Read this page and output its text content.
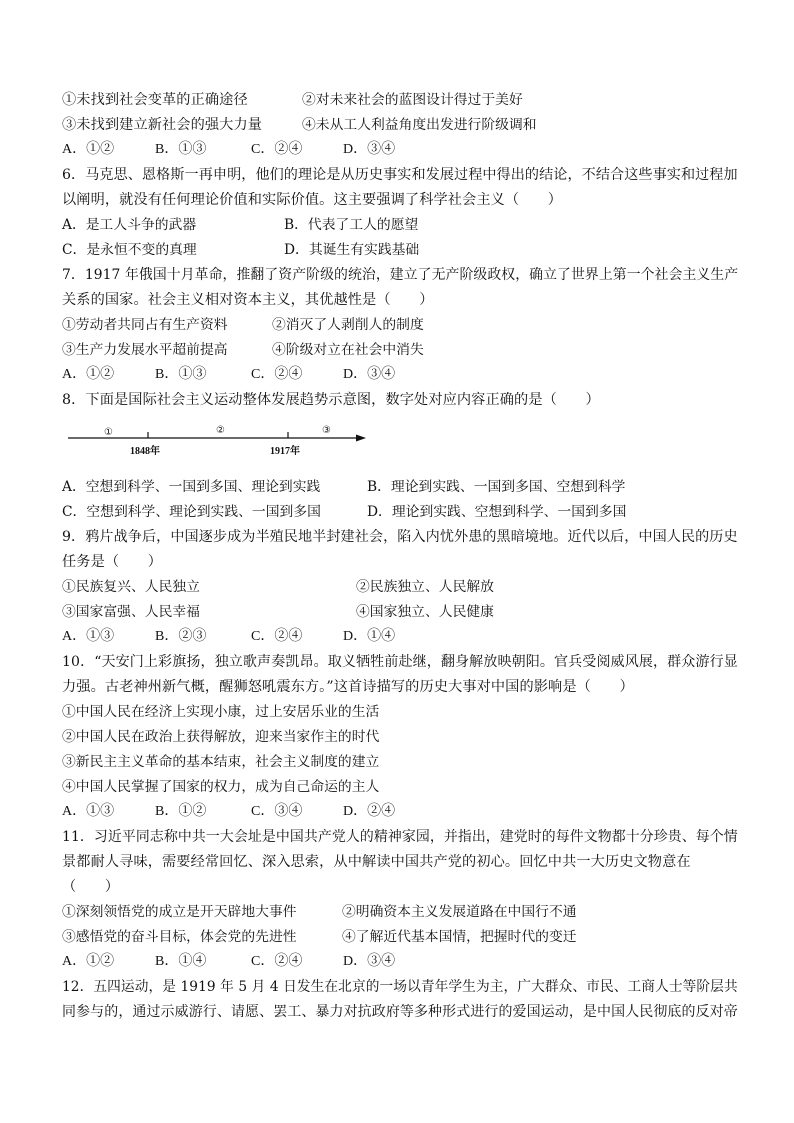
①未找到社会变革的正确途径	②对未来社会的蓝图设计得过于美好
③未找到建立新社会的强大力量	④未从工人利益角度出发进行阶级调和
A．①②	B．①③	C．②④	D．③④
6．马克思、恩格斯一再申明，他们的理论是从历史事实和发展过程中得出的结论，不结合这些事实和过程加
以阐明，就没有任何理论价值和实际价值。这主要强调了科学社会主义（　　）
A．是工人斗争的武器	B．代表了工人的愿望
C．是永恒不变的真理	D．其诞生有实践基础
7．1917 年俄国十月革命，推翻了资产阶级的统治，建立了无产阶级政权，确立了世界上第一个社会主义生产
关系的国家。社会主义相对资本主义，其优越性是（　　）
①劳动者共同占有生产资料	②消灭了人剥削人的制度
③生产力发展水平超前提高	④阶级对立在社会中消失
A．①②	B．①③	C．②④	D．③④
8．下面是国际社会主义运动整体发展趋势示意图，数字处对应内容正确的是（　　）
①	②	③
1848年	1917年
A．空想到科学、一国到多国、理论到实践	B．理论到实践、一国到多国、空想到科学
C．空想到科学、理论到实践、一国到多国	D．理论到实践、空想到科学、一国到多国
9．鸦片战争后，中国逐步成为半殖民地半封建社会，陷入内忧外患的黑暗境地。近代以后，中国人民的历史
任务是（　　）
①民族复兴、人民独立	②民族独立、人民解放
③国家富强、人民幸福	④国家独立、人民健康
A．①③	B．②③	C．②④	D．①④
10．“天安门上彩旗扬，独立歌声奏凯昂。取义牺牲前赴继，翻身解放映朝阳。官兵受阅威风展，群众游行显
力强。古老神州新气概，醒狮怒吼震东方。”这首诗描写的历史大事对中国的影响是（　　）
①中国人民在经济上实现小康，过上安居乐业的生活
②中国人民在政治上获得解放，迎来当家作主的时代
③新民主主义革命的基本结束，社会主义制度的建立
④中国人民掌握了国家的权力，成为自己命运的主人
A．①③	B．①②	C．③④	D．②④
11．习近平同志称中共一大会址是中国共产党人的精神家园，并指出，建党时的每件文物都十分珍贵、每个情
景都耐人寻味，需要经常回忆、深入思索，从中解读中国共产党的初心。回忆中共一大历史文物意在
（　　）
①深刻领悟党的成立是开天辟地大事件	②明确资本主义发展道路在中国行不通
③感悟党的奋斗目标，体会党的先进性	④了解近代基本国情，把握时代的变迁
A．①②	B．①④	C．②④	D．③④
12．五四运动，是 1919 年 5 月 4 日发生在北京的一场以青年学生为主，广大群众、市民、工商人士等阶层共
同参与的，通过示威游行、请愿、罢工、暴力对抗政府等多种形式进行的爱国运动，是中国人民彻底的反对帝
